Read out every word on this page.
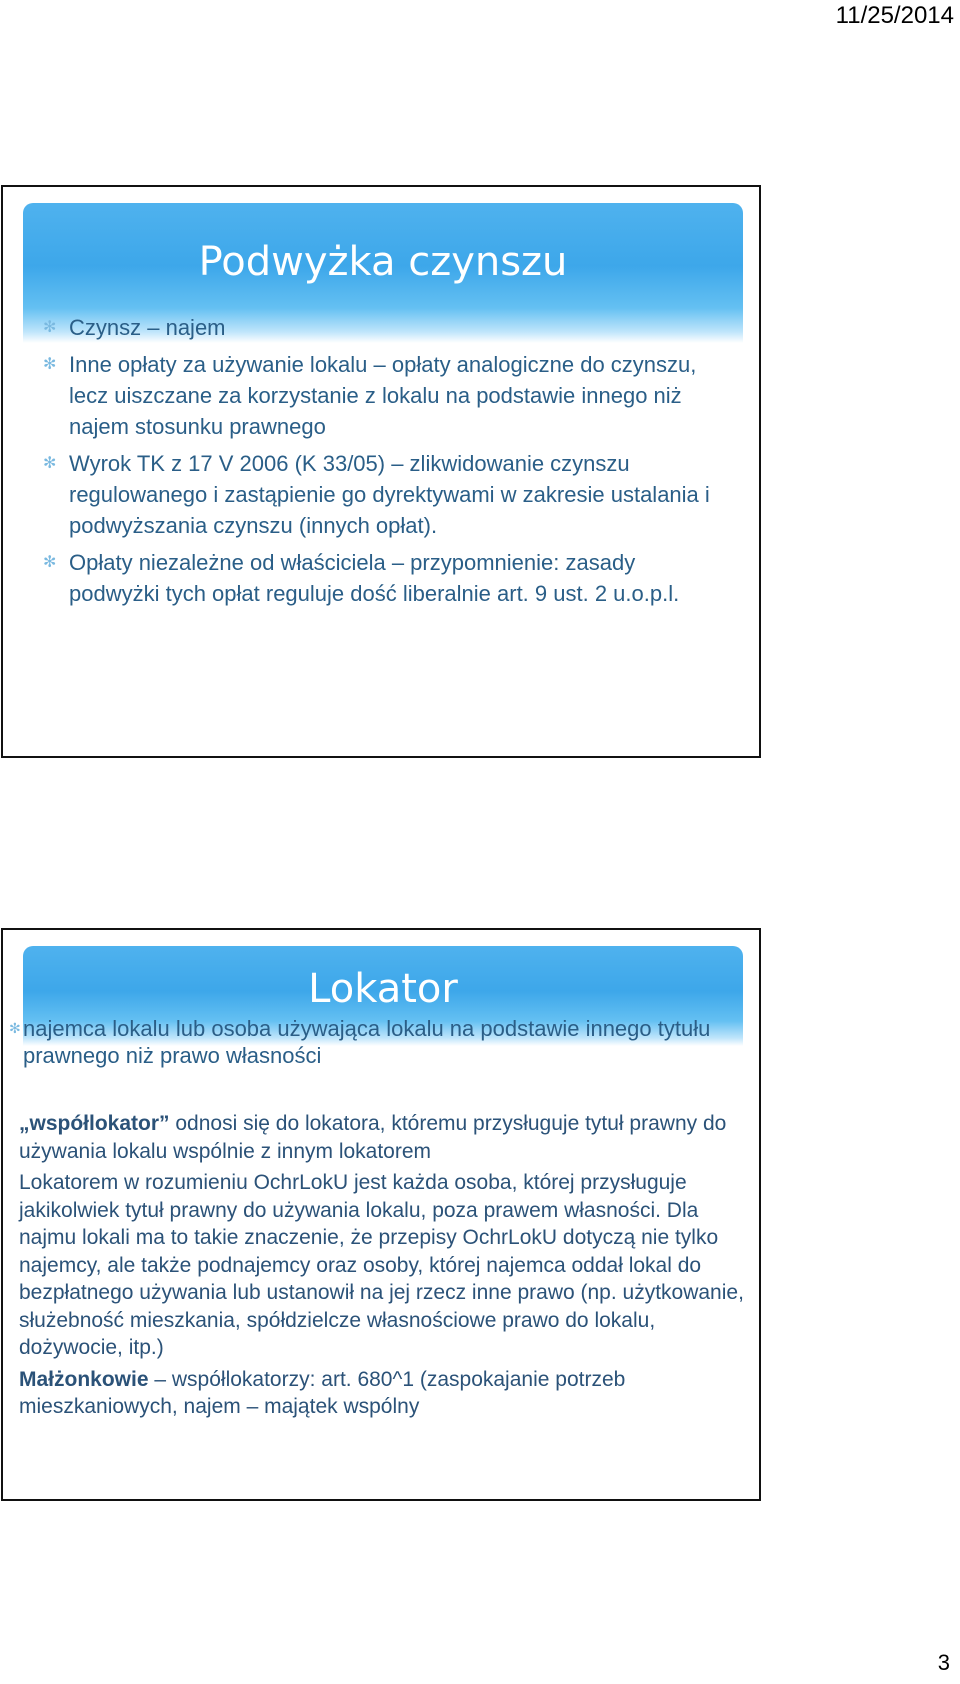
11/25/2014
Podwyżka czynszu
✻ Czynsz – najem
✻ Inne opłaty za używanie lokalu – opłaty analogiczne do czynszu, lecz uiszczane za korzystanie z lokalu na podstawie innego niż najem stosunku prawnego
✻ Wyrok TK z 17 V 2006 (K 33/05) – zlikwidowanie czynszu regulowanego i zastąpienie go dyrektywami w zakresie ustalania i podwyższania czynszu (innych opłat).
✻ Opłaty niezależne od właściciela – przypomnienie: zasady podwyżki tych opłat reguluje dość liberalnie art. 9 ust. 2 u.o.p.l.
Lokator
✻ najemca lokalu lub osoba używająca lokalu na podstawie innego tytułu prawnego niż prawo własności

„współlokator” odnosi się do lokatora, któremu przysługuje tytuł prawny do używania lokalu wspólnie z innym lokatorem

Lokatorem w rozumieniu OchrLokU jest każda osoba, której przysługuje jakikolwiek tytuł prawny do używania lokalu, poza prawem własności. Dla najmu lokali ma to takie znaczenie, że przepisy OchrLokU dotyczą nie tylko najemcy, ale także podnajemcy oraz osoby, której najemca oddał lokal do bezpłatnego używania lub ustanowił na jej rzecz inne prawo (np. użytkowanie, służebność mieszkania, spółdzielcze własnościowe prawo do lokalu, dożywocie, itp.)

Małżonkowie – współlokatorzy: art. 680^1 (zaspokajanie potrzeb mieszkaniowych, najem – majątek wspólny

3
